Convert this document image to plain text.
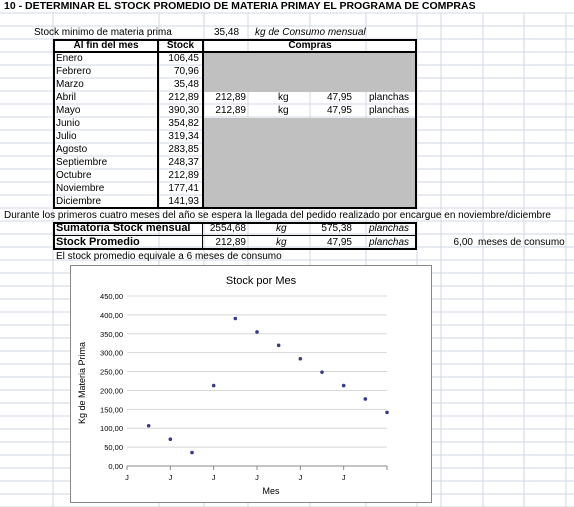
10 - DETERMINAR EL STOCK PROMEDIO DE MATERIA PRIMAY EL PROGRAMA DE COMPRAS
Stock minimo de materia prima	35,48 kg de Consumo mensual
Al fin del mes	Stock	Compras
Enero	106,45
Febrero	70,96
Marzo	35,48
Abril	212,89	212,89	kg	47,95 planchas
Mayo	390,30	212,89	kg	47,95 planchas
Junio	354,82
Julio	319,34
Agosto	283,85
Septiembre	248,37
Octubre	212,89
Noviembre	177,41
Diciembre	141,93
Durante los primeros cuatro meses del año se espera la llegada del pedido realizado por encargue en noviembre/diciembre
Sumatoria Stock mensual	2554,68	kg	575,38 planchas
Stock Promedio	212,89	kg	47,95 planchas	6,00 meses de consumo
El stock promedio equivale a 6 meses de consumo
Stock por Mes
Mes
Kg de Materia Prima
0,00
50,00
100,00
150,00
200,00
250,00
300,00
350,00
400,00
450,00
J	J	J	J	J	J
